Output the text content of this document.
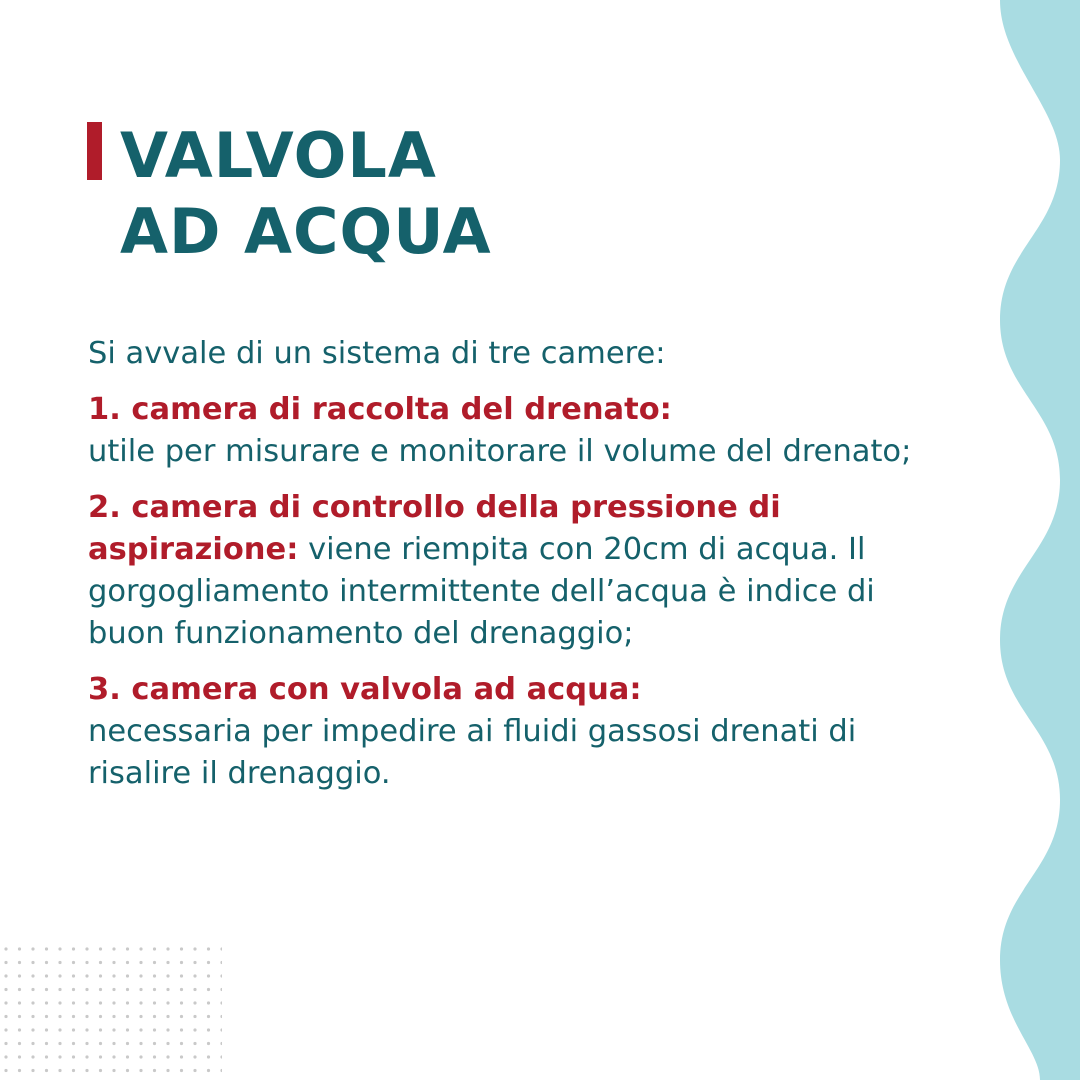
VALVOLA
AD ACQUA

Si avvale di un sistema di tre camere:

1. camera di raccolta del drenato:
utile per misurare e monitorare il volume del drenato;

2. camera di controllo della pressione di aspirazione: viene riempita con 20cm di acqua. Il gorgogliamento intermittente dell’acqua è indice di buon funzionamento del drenaggio;

3. camera con valvola ad acqua:
necessaria per impedire ai fluidi gassosi drenati di risalire il drenaggio.
